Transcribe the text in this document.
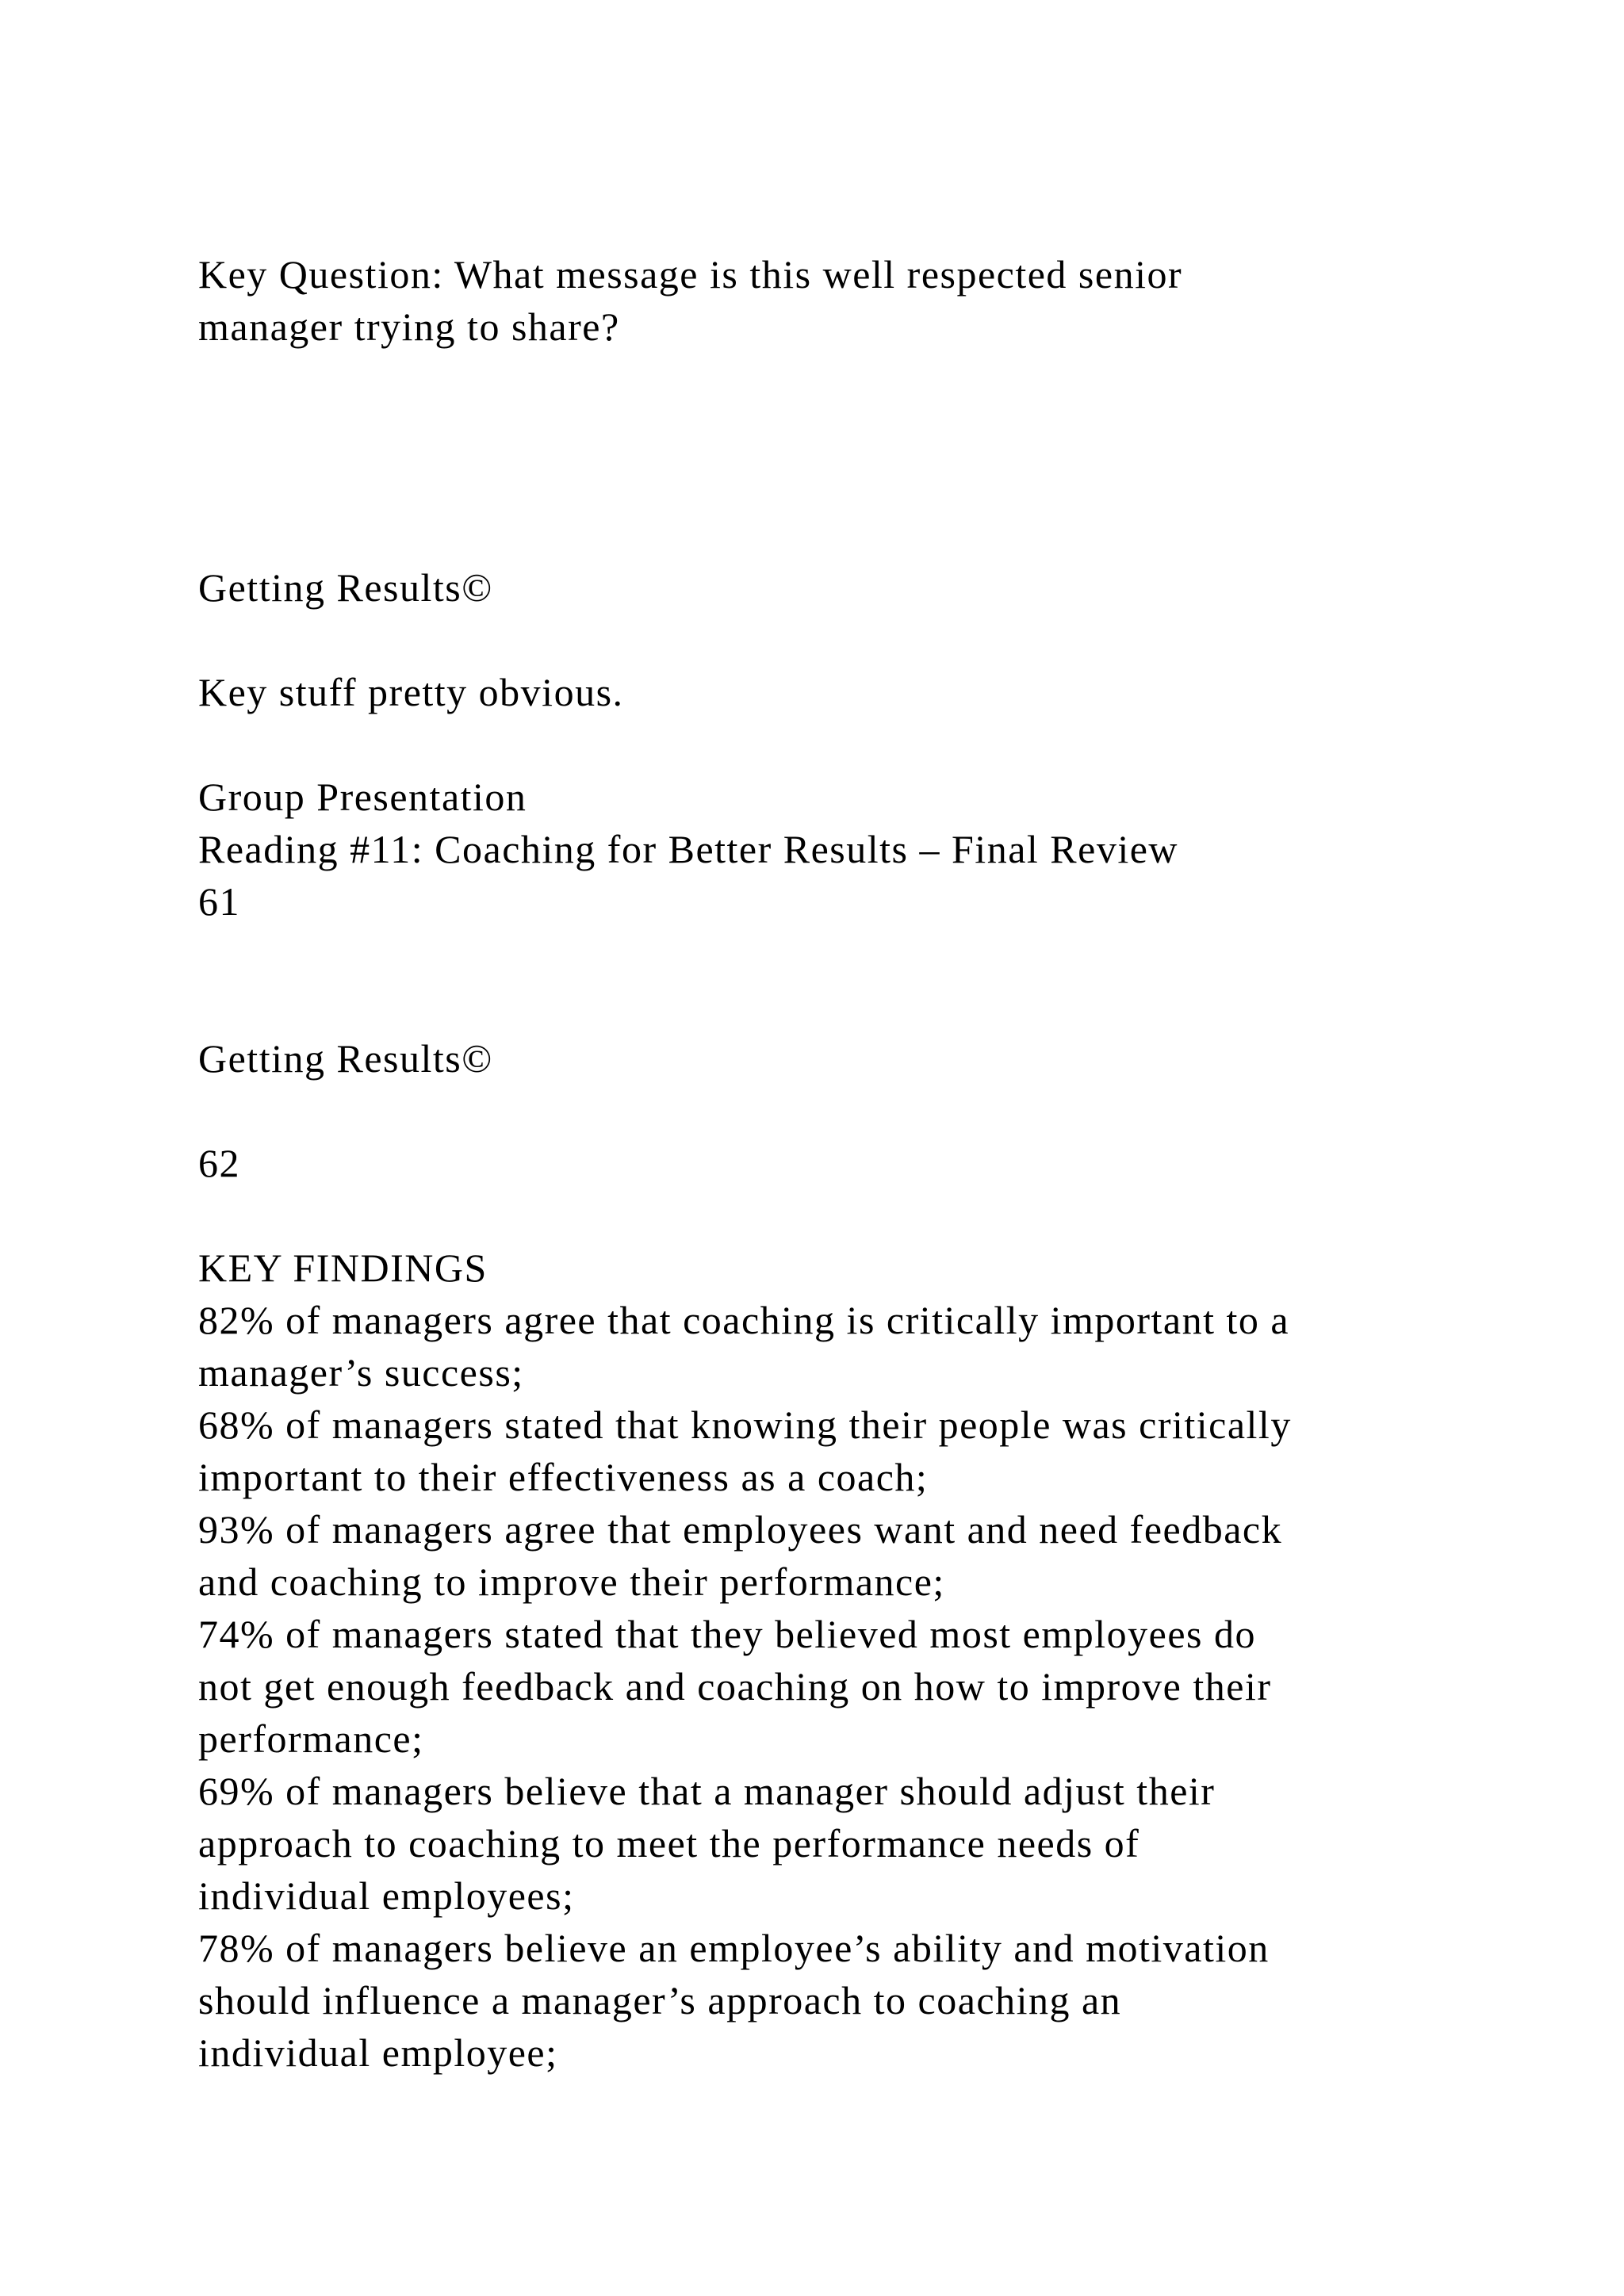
Key Question: What message is this well respected senior
manager trying to share?
Getting Results©
Key stuff pretty obvious.
Group Presentation
Reading #11: Coaching for Better Results – Final Review
61
Getting Results©
62
KEY FINDINGS
82% of managers agree that coaching is critically important to a
manager’s success;
68% of managers stated that knowing their people was critically
important to their effectiveness as a coach;
93% of managers agree that employees want and need feedback
and coaching to improve their performance;
74% of managers stated that they believed most employees do
not get enough feedback and coaching on how to improve their
performance;
69% of managers believe that a manager should adjust their
approach to coaching to meet the performance needs of
individual employees;
78% of managers believe an employee’s ability and motivation
should influence a manager’s approach to coaching an
individual employee;
